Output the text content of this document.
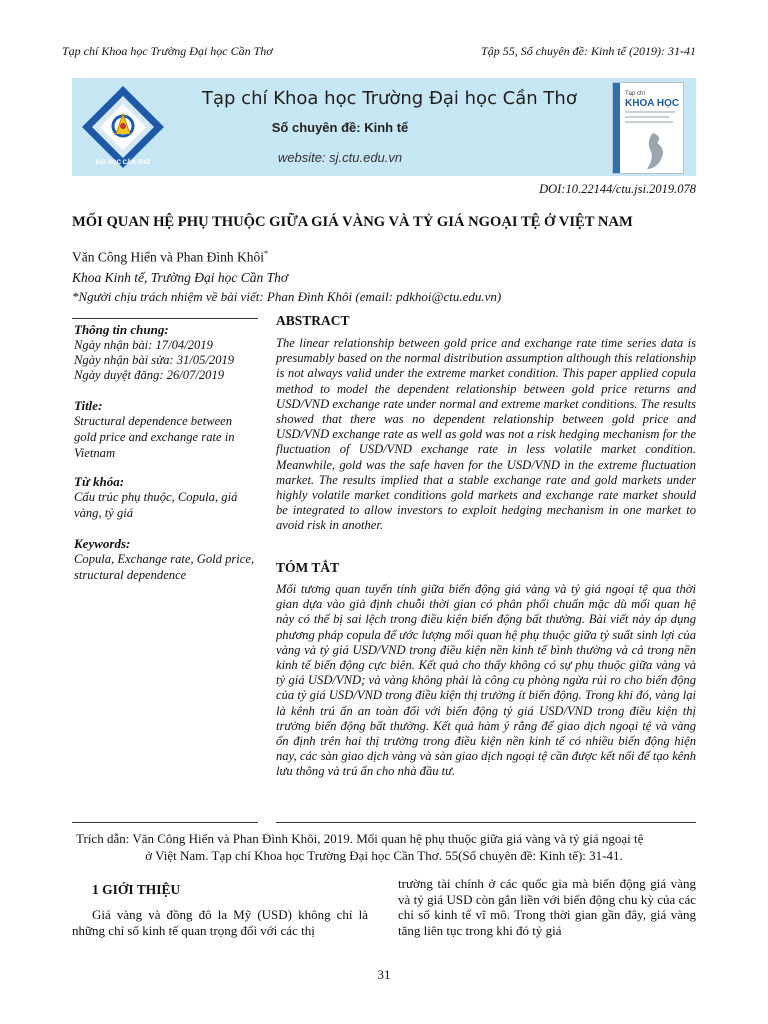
Tạp chí Khoa học Trường Đại học Cần Thơ	Tập 55, Số chuyên đề: Kinh tế (2019): 31-41
ĐẠI HỌC CẦN THƠ
Tạp chí Khoa học Trường Đại học Cần Thơ
Số chuyên đề: Kinh tế
website: sj.ctu.edu.vn
Tạp chí
KHOA HỌC
DOI:10.22144/ctu.jsi.2019.078
MỐI QUAN HỆ PHỤ THUỘC GIỮA GIÁ VÀNG VÀ TỶ GIÁ NGOẠI TỆ Ở VIỆT NAM
Văn Công Hiển và Phan Đình Khôi*
Khoa Kinh tế, Trường Đại học Cần Thơ
*Người chịu trách nhiệm về bài viết: Phan Đình Khôi (email: pdkhoi@ctu.edu.vn)
Thông tin chung:
Ngày nhận bài: 17/04/2019
Ngày nhận bài sửa: 31/05/2019
Ngày duyệt đăng: 26/07/2019
Title:
Structural dependence between gold price and exchange rate in Vietnam
Từ khóa:
Cấu trúc phụ thuộc, Copula, giá vàng, tỷ giá
Keywords:
Copula, Exchange rate, Gold price, structural dependence
ABSTRACT
The linear relationship between gold price and exchange rate time series data is presumably based on the normal distribution assumption although this relationship is not always valid under the extreme market condition. This paper applied copula method to model the dependent relationship between gold price returns and USD/VND exchange rate under normal and extreme market conditions. The results showed that there was no dependent relationship between gold price and USD/VND exchange rate as well as gold was not a risk hedging mechanism for the fluctuation of USD/VND exchange rate in less volatile market condition. Meanwhile, gold was the safe haven for the USD/VND in the extreme fluctuation market. The results implied that a stable exchange rate and gold markets under highly volatile market conditions gold markets and exchange rate market should be integrated to allow investors to exploit hedging mechanism in one market to avoid risk in another.
TÓM TẮT
Mối tương quan tuyến tính giữa biến động giá vàng và tỷ giá ngoại tệ qua thời gian dựa vào giả định chuỗi thời gian có phân phối chuẩn mặc dù mối quan hệ này có thể bị sai lệch trong điều kiện biến động bất thường. Bài viết này áp dụng phương pháp copula để ước lượng mối quan hệ phụ thuộc giữa tỷ suất sinh lợi của vàng và tỷ giá USD/VND trong điều kiện nền kinh tế bình thường và cả trong nền kinh tế biến động cực biên. Kết quả cho thấy không có sự phụ thuộc giữa vàng và tỷ giá USD/VND; và vàng không phải là công cụ phòng ngừa rủi ro cho biến động của tỷ giá USD/VND trong điều kiện thị trường ít biến động. Trong khi đó, vàng lại là kênh trú ẩn an toàn đối với biến động tỷ giá USD/VND trong điều kiện thị trường biến động bất thường. Kết quả hàm ý rằng để giao dịch ngoại tệ và vàng ổn định trên hai thị trường trong điều kiện nền kinh tế có nhiều biến động hiện nay, các sàn giao dịch vàng và sàn giao dịch ngoại tệ cần được kết nối để tạo kênh lưu thông và trú ẩn cho nhà đầu tư.
Trích dẫn: Văn Công Hiển và Phan Đình Khôi, 2019. Mối quan hệ phụ thuộc giữa giá vàng và tỷ giá ngoại tệ
ở Việt Nam. Tạp chí Khoa học Trường Đại học Cần Thơ. 55(Số chuyên đề: Kinh tế): 31-41.
1 GIỚI THIỆU
Giá vàng và đồng đô la Mỹ (USD) không chỉ là những chỉ số kinh tế quan trọng đối với các thị
trường tài chính ở các quốc gia mà biến động giá vàng và tỷ giá USD còn gắn liền với biến động chu kỳ của các chỉ số kinh tế vĩ mô. Trong thời gian gần đây, giá vàng tăng liên tục trong khi đó tỷ giá
31
